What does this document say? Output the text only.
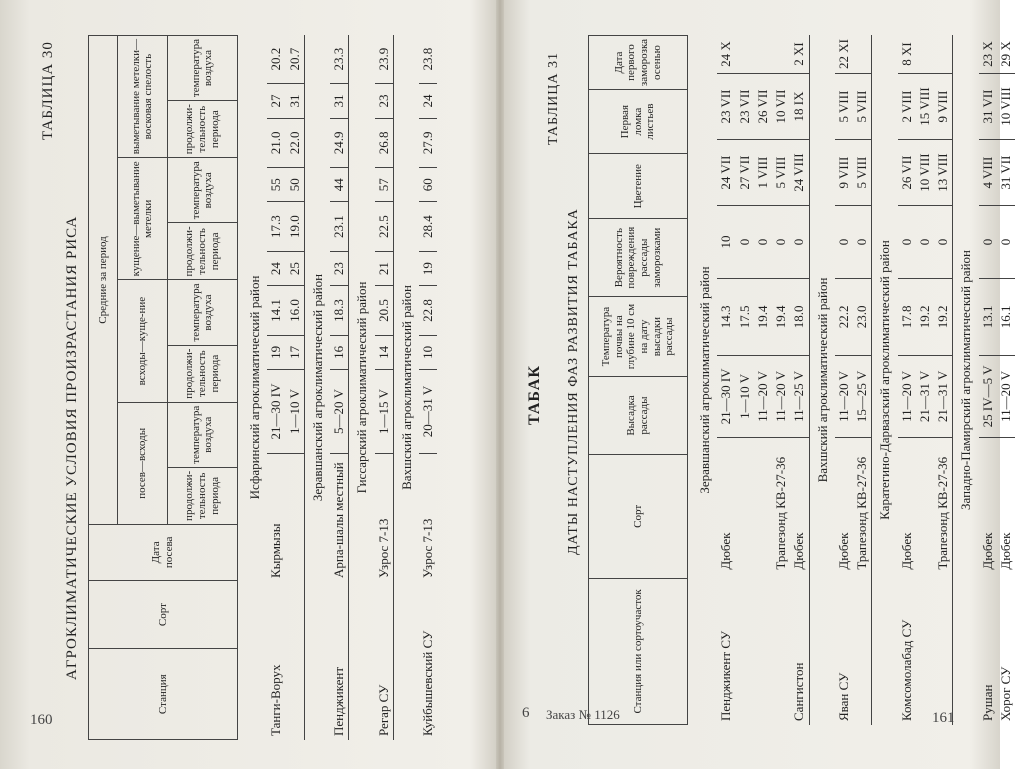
ТАБЛИЦА 30
АГРОКЛИМАТИЧЕСКИЕ УСЛОВИЯ ПРОИЗРАСТАНИЯ РИСА
Станция	Сорт	Дата посева	Средние за период							
			посев—всходы		всходы—куще-ние		кущение—выметывание метелки		выметывание метелки—восковая спелость	
			продолжи-тельность периода	температура воздуха	продолжи-тельность периода	температура воздуха	продолжи-тельность периода	температура воздуха	продолжи-тельность периода	температура воздуха
Исфаринский агроклиматический район										
Танги-Ворух	Кырмызы	21—30 IV	19	14.1	24	17.3	55	21.0	27	20.2
		1—10 V	17	16.0	25	19.0	50	22.0	31	20.7
Зеравшанский агроклиматический район										
Пенджикент	Арпа-шалы местный	5—20 V	16	18.3	23	23.1	44	24.9	31	23.3
Гиссарский агроклиматический район										
Регар СУ	Узрос 7-13	1—15 V	14	20.5	21	22.5	57	26.8	23	23.9
Вахшский агроклиматический район										
Куйбышевский СУ	Узрос 7-13	20—31 V	10	22.8	19	28.4	60	27.9	24	23.8
160
ТАБАК
ТАБЛИЦА 31
ДАТЫ НАСТУПЛЕНИЯ ФАЗ РАЗВИТИЯ ТАБАКА
Станция или сортоучасток	Сорт	Высадка рассады	Температура почвы на глубине 10 см на дату высадки рассады	Вероятность повреждения рассады заморозками	Цветение	Первая ломка листьев	Дата первого заморозка осенью
Зеравшанский агроклиматический район							
Пенджикент СУ	Дюбек	21—30 IV	14.3	10	24 VII	23 VII	24 X
		1—10 V	17.5	0	27 VII	23 VII	
		11—20 V	19.4	0	1 VIII	26 VII	
	Трапезонд КВ-27-36	11—20 V	19.4	0	5 VIII	10 VII	
Сангистон	Дюбек	11—25 V	18.0	0	24 VIII	18 IX	2 XI
Вахшский агроклиматический район							
Яван СУ	Дюбек	11—20 V	22.2	0	9 VIII	5 VIII	22 XI
	Трапезонд КВ-27-36	15—25 V	23.0	0	5 VIII	5 VIII	
Каратегино-Дарвазский агроклиматический район							
Комсомолабад СУ	Дюбек	11—20 V	17.8	0	26 VII	2 VIII	8 XI
		21—31 V	19.2	0	10 VIII	15 VIII	
	Трапезонд КВ-27-36	21—31 V	19.2	0	13 VIII	9 VIII	
Западно-Памирский агроклиматический район							
Рушан	Дюбек	25 IV—5 V	13.1	0	4 VIII	31 VII	23 X
Хорог СУ	Дюбек	11—20 V	16.1	0	31 VII	10 VIII	29 X
6 Заказ № 1126	161
